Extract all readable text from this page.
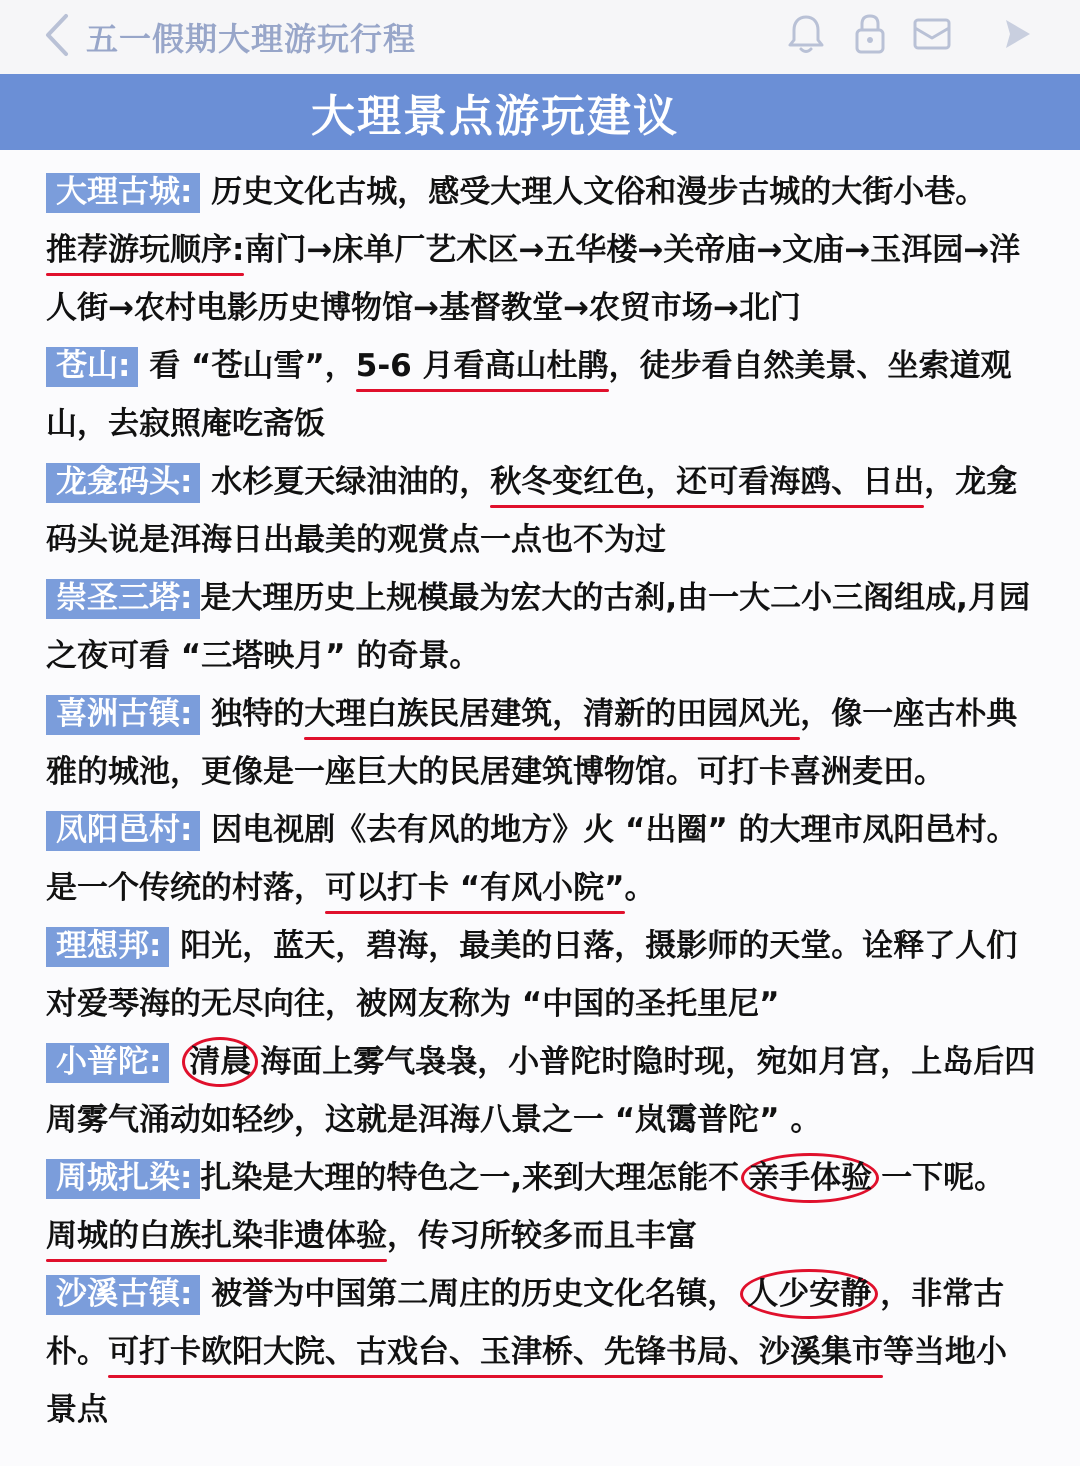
五一假期大理游玩行程
大理景点游玩建议

大理古城: 历史文化古城，感受大理人文俗和漫步古城的大街小巷。 推荐游玩顺序:南门→床单厂艺术区→五华楼→关帝庙→文庙→玉洱园→洋人街→农村电影历史博物馆→基督教堂→农贸市场→北门

苍山: 看 “苍山雪”，5-6 月看高山杜鹃，徒步看自然美景、坐索道观山，去寂照庵吃斋饭

龙龛码头: 水杉夏天绿油油的，秋冬变红色，还可看海鸥、日出，龙龛码头说是洱海日出最美的观赏点一点也不为过

崇圣三塔: 是大理历史上规模最为宏大的古刹,由一大二小三阁组成,月园之夜可看 “三塔映月” 的奇景。

喜洲古镇: 独特的大理白族民居建筑，清新的田园风光，像一座古朴典雅的城池，更像是一座巨大的民居建筑博物馆。可打卡喜洲麦田。

凤阳邑村: 因电视剧《去有风的地方》火 “出圈” 的大理市凤阳邑村。是一个传统的村落，可以打卡 “有风小院”。

理想邦: 阳光，蓝天，碧海，最美的日落，摄影师的天堂。诠释了人们对爱琴海的无尽向往，被网友称为 “中国的圣托里尼”

小普陀: 清晨 海面上雾气袅袅，小普陀时隐时现，宛如月宫，上岛后四周雾气涌动如轻纱，这就是洱海八景之一 “岚霭普陀” 。

周城扎染: 扎染是大理的特色之一,来到大理怎能不 亲手体验 一下呢。周城的白族扎染非遗体验，传习所较多而且丰富

沙溪古镇: 被誉为中国第二周庄的历史文化名镇， 人少安静 ，非常古朴。可打卡欧阳大院、古戏台、玉津桥、先锋书局、沙溪集市等当地小景点
